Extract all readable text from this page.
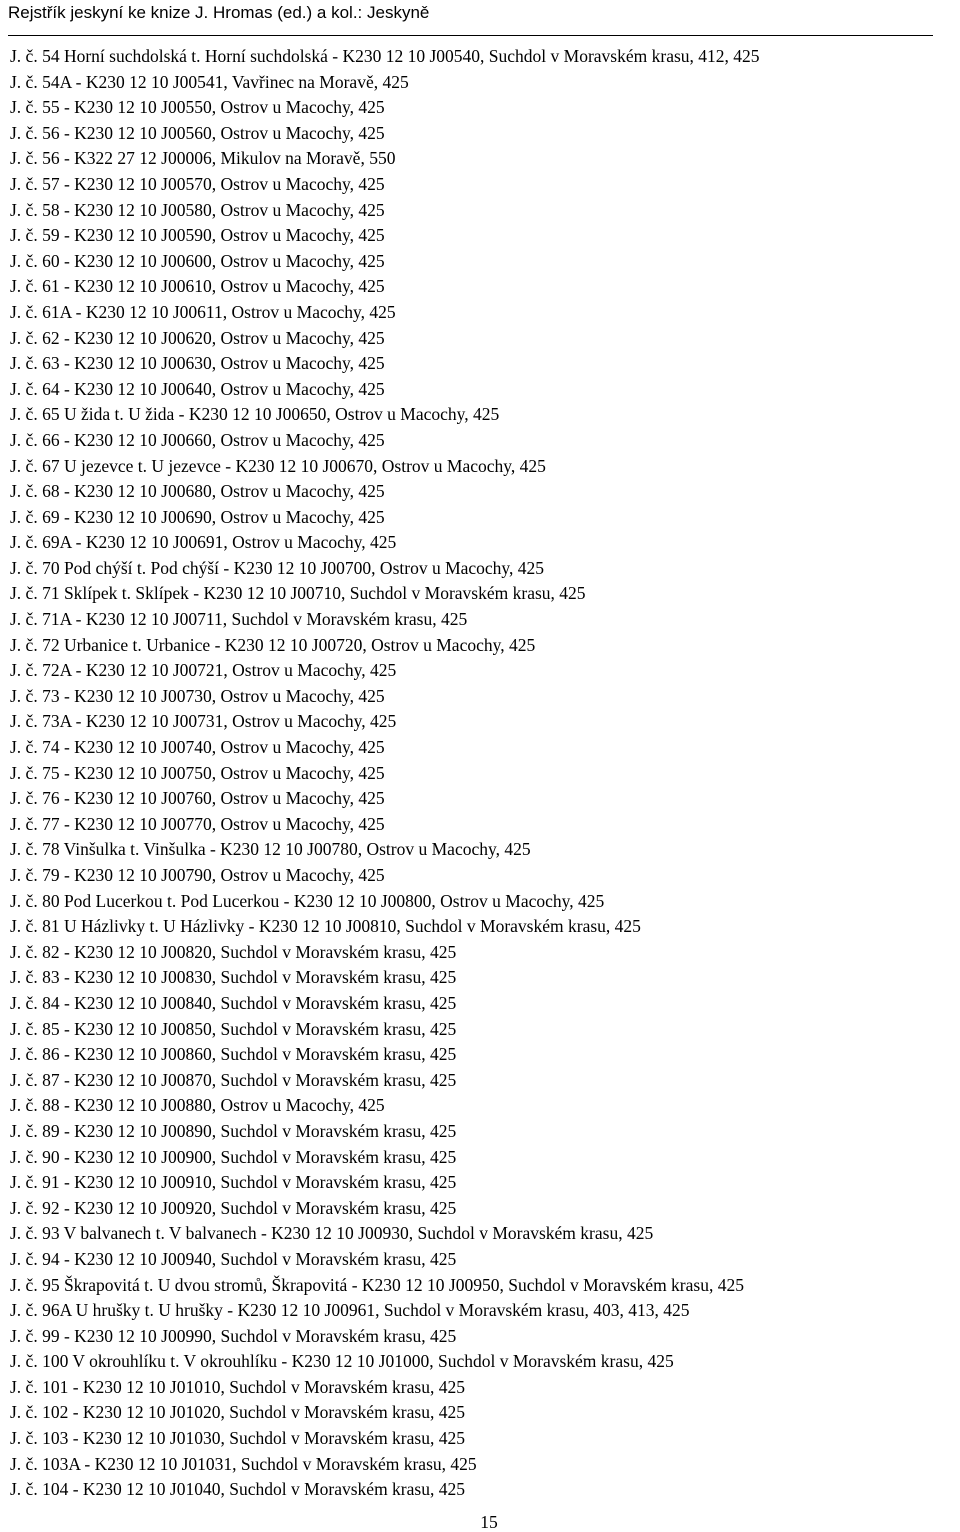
Rejstřík jeskyní ke knize J. Hromas (ed.) a kol.: Jeskyně
J. č. 54 Horní suchdolská t. Horní suchdolská - K230 12 10 J00540, Suchdol v Moravském krasu, 412, 425
J. č. 54A - K230 12 10 J00541, Vavřinec na Moravě, 425
J. č. 55 - K230 12 10 J00550, Ostrov u Macochy, 425
J. č. 56 - K230 12 10 J00560, Ostrov u Macochy, 425
J. č. 56 - K322 27 12 J00006, Mikulov na Moravě, 550
J. č. 57 - K230 12 10 J00570, Ostrov u Macochy, 425
J. č. 58 - K230 12 10 J00580, Ostrov u Macochy, 425
J. č. 59 - K230 12 10 J00590, Ostrov u Macochy, 425
J. č. 60 - K230 12 10 J00600, Ostrov u Macochy, 425
J. č. 61 - K230 12 10 J00610, Ostrov u Macochy, 425
J. č. 61A - K230 12 10 J00611, Ostrov u Macochy, 425
J. č. 62 - K230 12 10 J00620, Ostrov u Macochy, 425
J. č. 63 - K230 12 10 J00630, Ostrov u Macochy, 425
J. č. 64 - K230 12 10 J00640, Ostrov u Macochy, 425
J. č. 65 U žida t. U žida - K230 12 10 J00650, Ostrov u Macochy, 425
J. č. 66 - K230 12 10 J00660, Ostrov u Macochy, 425
J. č. 67 U jezevce t. U jezevce - K230 12 10 J00670, Ostrov u Macochy, 425
J. č. 68 - K230 12 10 J00680, Ostrov u Macochy, 425
J. č. 69 - K230 12 10 J00690, Ostrov u Macochy, 425
J. č. 69A - K230 12 10 J00691, Ostrov u Macochy, 425
J. č. 70 Pod chýší t. Pod chýší - K230 12 10 J00700, Ostrov u Macochy, 425
J. č. 71 Sklípek t. Sklípek - K230 12 10 J00710, Suchdol v Moravském krasu, 425
J. č. 71A - K230 12 10 J00711, Suchdol v Moravském krasu, 425
J. č. 72 Urbanice t. Urbanice - K230 12 10 J00720, Ostrov u Macochy, 425
J. č. 72A - K230 12 10 J00721, Ostrov u Macochy, 425
J. č. 73 - K230 12 10 J00730, Ostrov u Macochy, 425
J. č. 73A - K230 12 10 J00731, Ostrov u Macochy, 425
J. č. 74 - K230 12 10 J00740, Ostrov u Macochy, 425
J. č. 75 - K230 12 10 J00750, Ostrov u Macochy, 425
J. č. 76 - K230 12 10 J00760, Ostrov u Macochy, 425
J. č. 77 - K230 12 10 J00770, Ostrov u Macochy, 425
J. č. 78 Vinšulka t. Vinšulka - K230 12 10 J00780, Ostrov u Macochy, 425
J. č. 79 - K230 12 10 J00790, Ostrov u Macochy, 425
J. č. 80 Pod Lucerkou t. Pod Lucerkou - K230 12 10 J00800, Ostrov u Macochy, 425
J. č. 81 U Házlivky t. U Házlivky - K230 12 10 J00810, Suchdol v Moravském krasu, 425
J. č. 82 - K230 12 10 J00820, Suchdol v Moravském krasu, 425
J. č. 83 - K230 12 10 J00830, Suchdol v Moravském krasu, 425
J. č. 84 - K230 12 10 J00840, Suchdol v Moravském krasu, 425
J. č. 85 - K230 12 10 J00850, Suchdol v Moravském krasu, 425
J. č. 86 - K230 12 10 J00860, Suchdol v Moravském krasu, 425
J. č. 87 - K230 12 10 J00870, Suchdol v Moravském krasu, 425
J. č. 88 - K230 12 10 J00880, Ostrov u Macochy, 425
J. č. 89 - K230 12 10 J00890, Suchdol v Moravském krasu, 425
J. č. 90 - K230 12 10 J00900, Suchdol v Moravském krasu, 425
J. č. 91 - K230 12 10 J00910, Suchdol v Moravském krasu, 425
J. č. 92 - K230 12 10 J00920, Suchdol v Moravském krasu, 425
J. č. 93 V balvanech t. V balvanech - K230 12 10 J00930, Suchdol v Moravském krasu, 425
J. č. 94 - K230 12 10 J00940, Suchdol v Moravském krasu, 425
J. č. 95 Škrapovitá t. U dvou stromů, Škrapovitá - K230 12 10 J00950, Suchdol v Moravském krasu, 425
J. č. 96A U hrušky t. U hrušky - K230 12 10 J00961, Suchdol v Moravském krasu, 403, 413, 425
J. č. 99 - K230 12 10 J00990, Suchdol v Moravském krasu, 425
J. č. 100 V okrouhlíku t. V okrouhlíku - K230 12 10 J01000, Suchdol v Moravském krasu, 425
J. č. 101 - K230 12 10 J01010, Suchdol v Moravském krasu, 425
J. č. 102 - K230 12 10 J01020, Suchdol v Moravském krasu, 425
J. č. 103 - K230 12 10 J01030, Suchdol v Moravském krasu, 425
J. č. 103A - K230 12 10 J01031, Suchdol v Moravském krasu, 425
J. č. 104 - K230 12 10 J01040, Suchdol v Moravském krasu, 425
15
